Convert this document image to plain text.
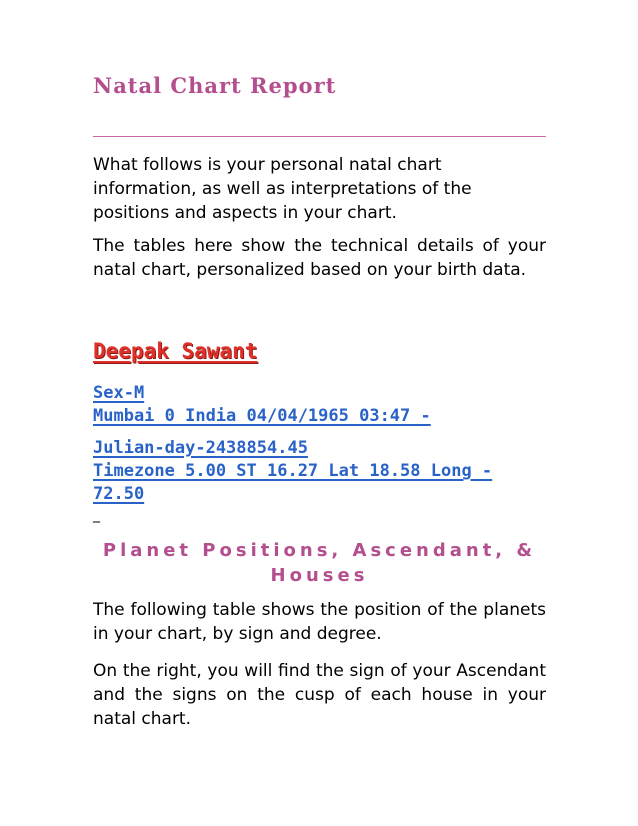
Natal Chart Report

What follows is your personal natal chart information, as well as interpretations of the positions and aspects in your chart.

The tables here show the technical details of your natal chart, personalized based on your birth data.

Deepak Sawant

Sex-M
Mumbai 0 India 04/04/1965 03:47 -
Julian-day-2438854.45
Timezone 5.00 ST 16.27 Lat 18.58 Long -
72.50

_

Planet Positions, Ascendant, &
Houses

The following table shows the position of the planets in your chart, by sign and degree.

On the right, you will find the sign of your Ascendant and the signs on the cusp of each house in your natal chart.
